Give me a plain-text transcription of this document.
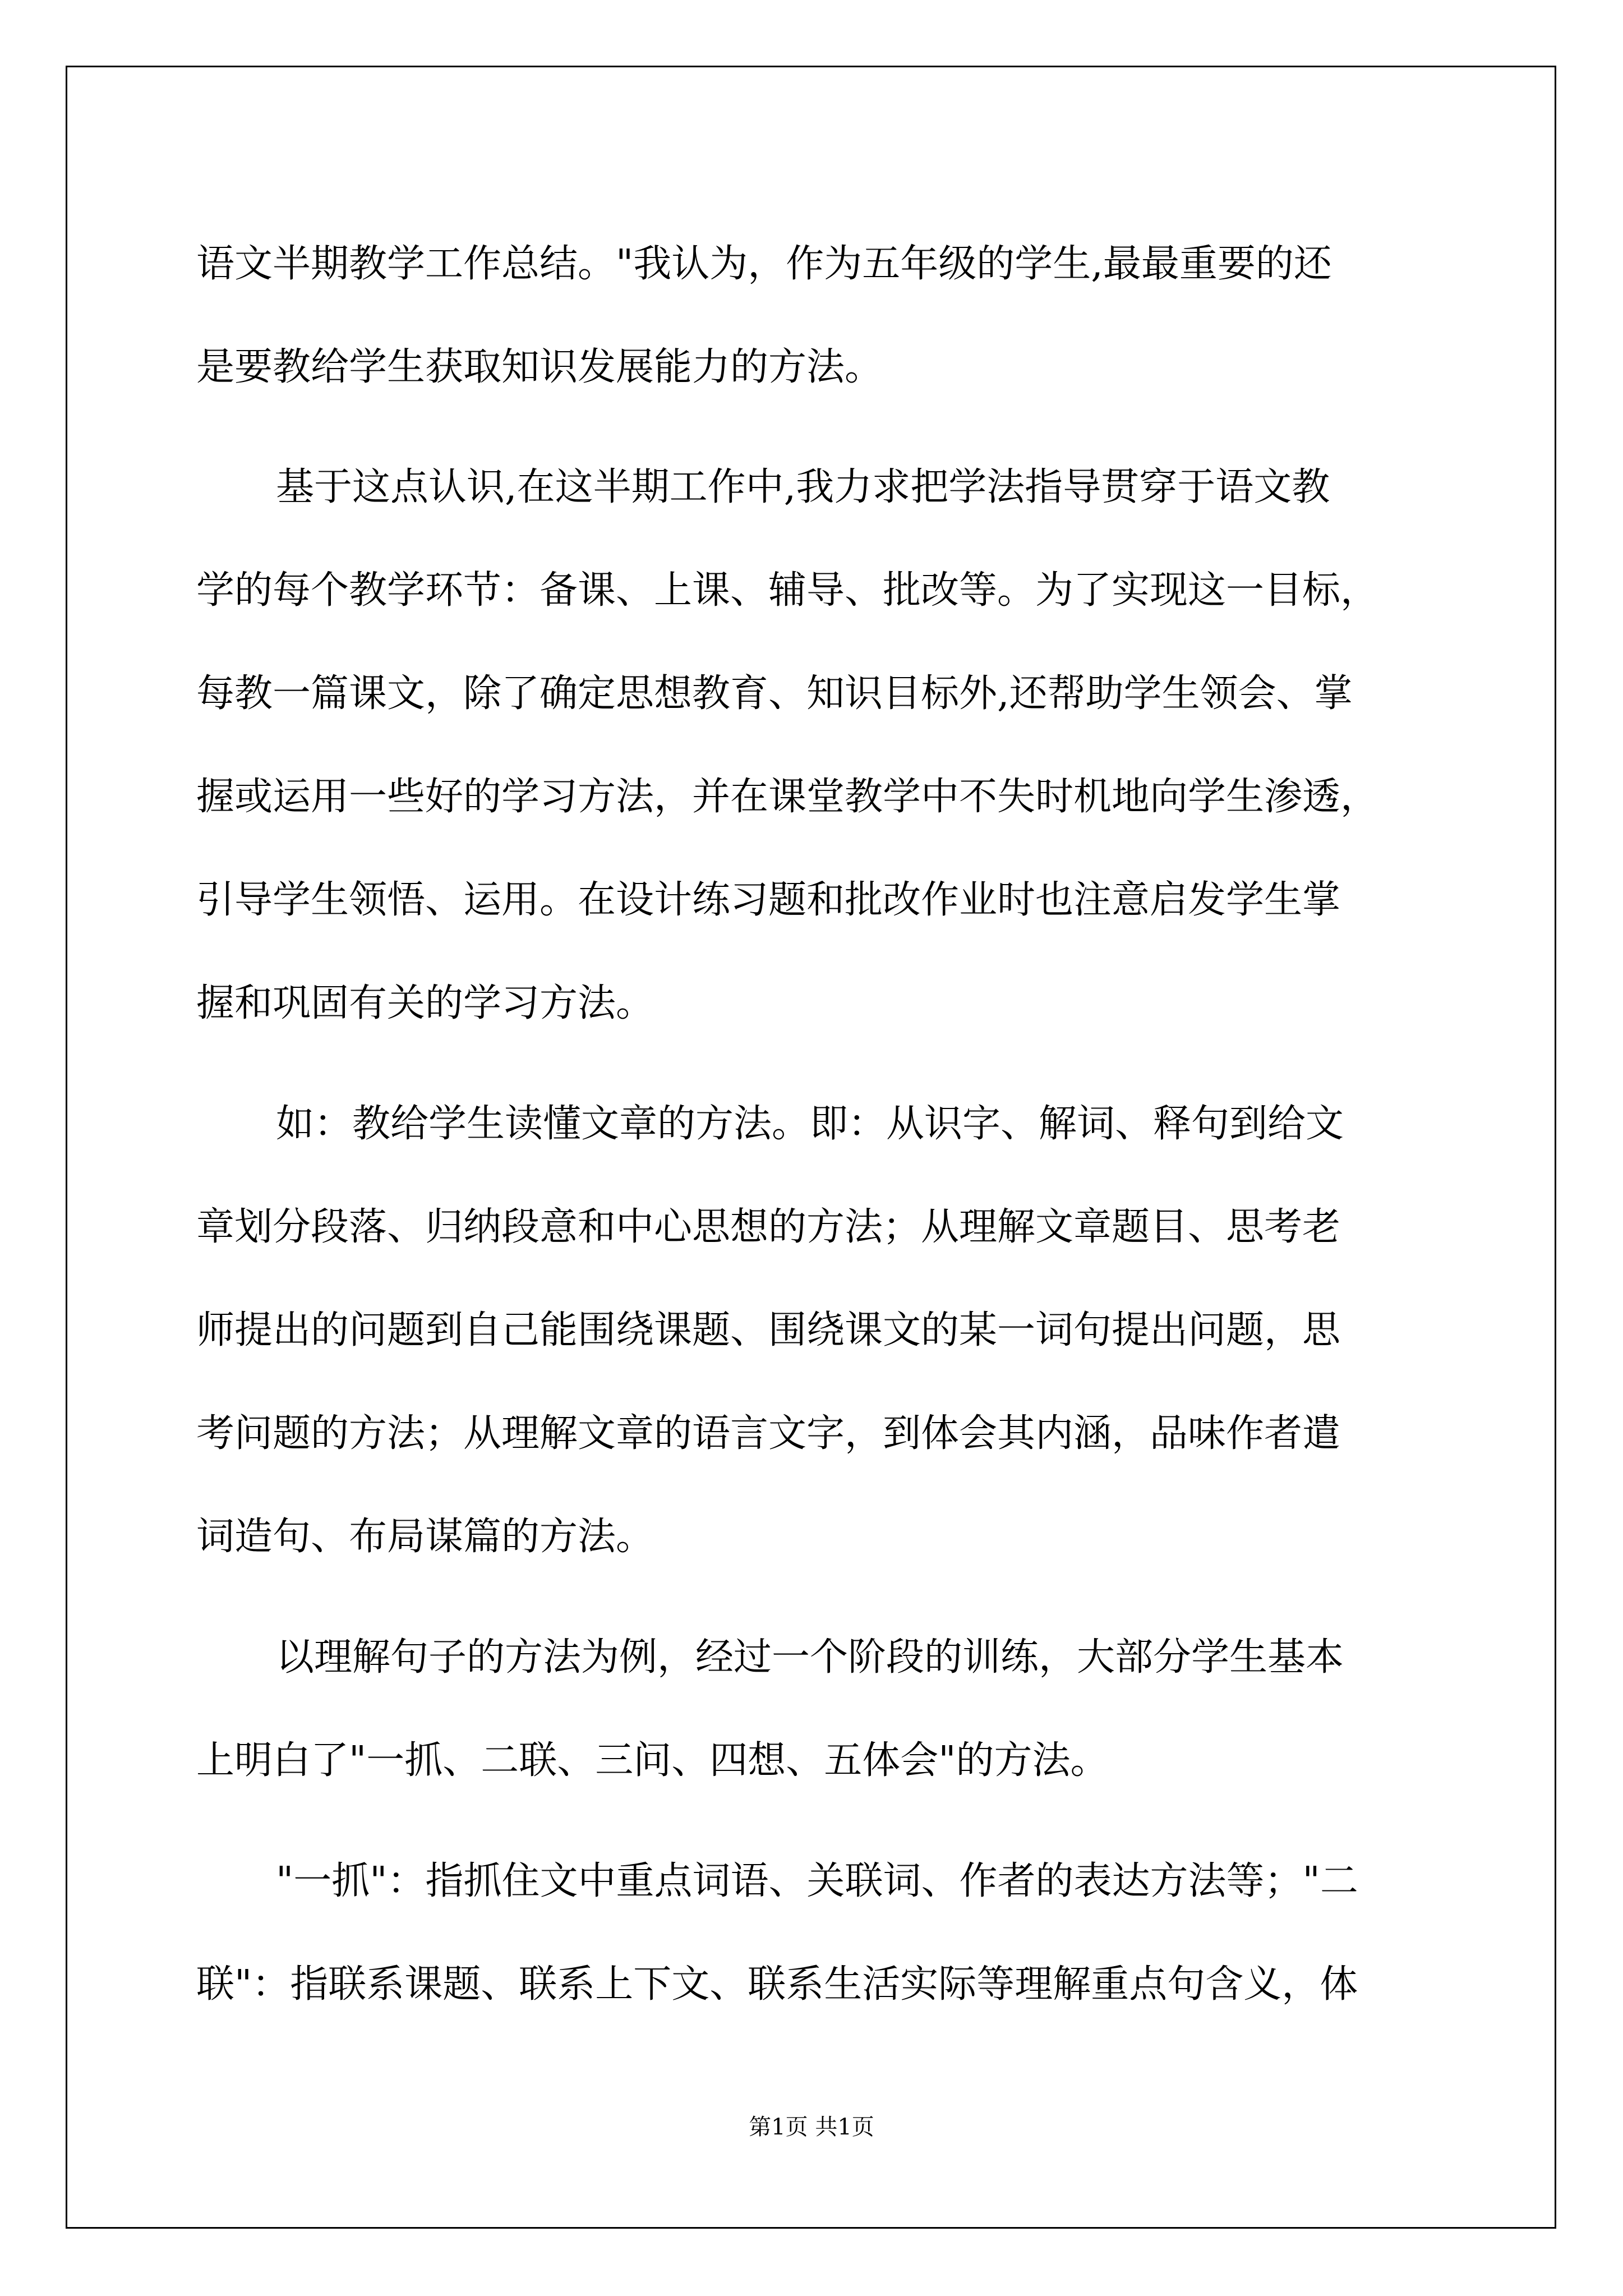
语文半期教学工作总结。"我认为，作为五年级的学生,最最重要的还
是要教给学生获取知识发展能力的方法。
基于这点认识,在这半期工作中,我力求把学法指导贯穿于语文教
学的每个教学环节：备课、上课、辅导、批改等。为了实现这一目标，
每教一篇课文，除了确定思想教育、知识目标外,还帮助学生领会、掌
握或运用一些好的学习方法，并在课堂教学中不失时机地向学生渗透，
引导学生领悟、运用。在设计练习题和批改作业时也注意启发学生掌
握和巩固有关的学习方法。
如：教给学生读懂文章的方法。即：从识字、解词、释句到给文
章划分段落、归纳段意和中心思想的方法；从理解文章题目、思考老
师提出的问题到自己能围绕课题、围绕课文的某一词句提出问题，思
考问题的方法；从理解文章的语言文字，到体会其内涵，品味作者遣
词造句、布局谋篇的方法。
以理解句子的方法为例，经过一个阶段的训练，大部分学生基本
上明白了"一抓、二联、三问、四想、五体会"的方法。
"一抓"：指抓住文中重点词语、关联词、作者的表达方法等；"二
联"：指联系课题、联系上下文、联系生活实际等理解重点句含义，体
第1页 共1页
